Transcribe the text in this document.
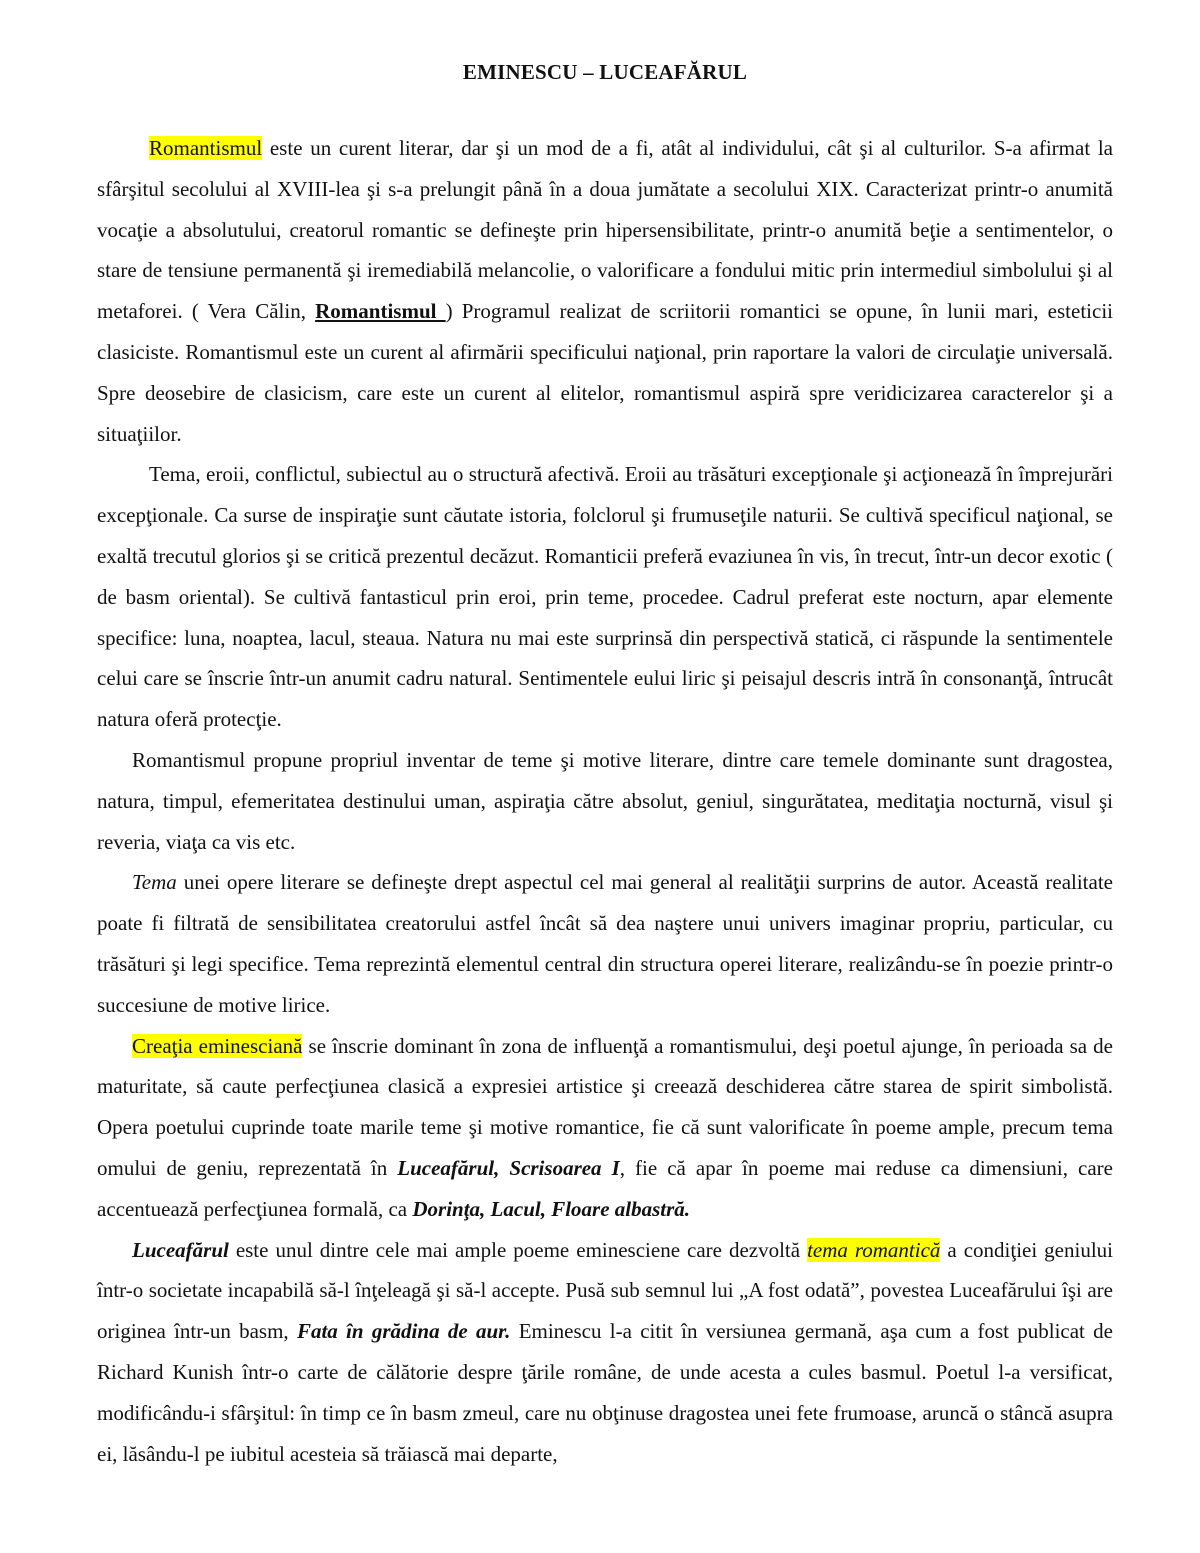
EMINESCU – LUCEAFĂRUL

Romantismul este un curent literar, dar şi un mod de a fi, atât al individului, cât şi al culturilor. S-a afirmat la sfârşitul secolului al XVIII-lea şi s-a prelungit până în a doua jumătate a secolului XIX. Caracterizat printr-o anumită vocaţie a absolutului, creatorul romantic se defineşte prin hipersensibilitate, printr-o anumită beţie a sentimentelor, o stare de tensiune permanentă şi iremediabilă melancolie, o valorificare a fondului mitic prin intermediul simbolului şi al metaforei. ( Vera Călin, Romantismul ) Programul realizat de scriitorii romantici se opune, în lunii mari, esteticii clasiciste. Romantismul este un curent al afirmării specificului naţional, prin raportare la valori de circulaţie universală. Spre deosebire de clasicism, care este un curent al elitelor, romantismul aspiră spre veridicizarea caracterelor şi a situaţiilor.

Tema, eroii, conflictul, subiectul au o structură afectivă. Eroii au trăsături excepţionale şi acţionează în împrejurări excepţionale. Ca surse de inspiraţie sunt căutate istoria, folclorul şi frumuseţile naturii. Se cultivă specificul naţional, se exaltă trecutul glorios şi se critică prezentul decăzut. Romanticii preferă evaziunea în vis, în trecut, într-un decor exotic ( de basm oriental). Se cultivă fantasticul prin eroi, prin teme, procedee. Cadrul preferat este nocturn, apar elemente specifice: luna, noaptea, lacul, steaua. Natura nu mai este surprinsă din perspectivă statică, ci răspunde la sentimentele celui care se înscrie într-un anumit cadru natural. Sentimentele eului liric şi peisajul descris intră în consonanţă, întrucât natura oferă protecţie.

Romantismul propune propriul inventar de teme şi motive literare, dintre care temele dominante sunt dragostea, natura, timpul, efemeritatea destinului uman, aspiraţia către absolut, geniul, singurătatea, meditaţia nocturnă, visul şi reveria, viaţa ca vis etc.

Tema unei opere literare se defineşte drept aspectul cel mai general al realităţii surprins de autor. Această realitate poate fi filtrată de sensibilitatea creatorului astfel încât să dea naştere unui univers imaginar propriu, particular, cu trăsături şi legi specifice. Tema reprezintă elementul central din structura operei literare, realizându-se în poezie printr-o succesiune de motive lirice.

Creaţia eminesciană se înscrie dominant în zona de influenţă a romantismului, deşi poetul ajunge, în perioada sa de maturitate, să caute perfecţiunea clasică a expresiei artistice şi creează deschiderea către starea de spirit simbolistă. Opera poetului cuprinde toate marile teme şi motive romantice, fie că sunt valorificate în poeme ample, precum tema omului de geniu, reprezentată în Luceafărul, Scrisoarea I, fie că apar în poeme mai reduse ca dimensiuni, care accentuează perfecţiunea formală, ca Dorinţa, Lacul, Floare albastră.

Luceafărul este unul dintre cele mai ample poeme eminesciene care dezvoltă tema romantică a condiţiei geniului într-o societate incapabilă să-l înţeleagă şi să-l accepte. Pusă sub semnul lui „A fost odată”, povestea Luceafărului îşi are originea într-un basm, Fata în grădina de aur. Eminescu l-a citit în versiunea germană, aşa cum a fost publicat de Richard Kunish într-o carte de călătorie despre ţările române, de unde acesta a cules basmul. Poetul l-a versificat, modificându-i sfârşitul: în timp ce în basm zmeul, care nu obţinuse dragostea unei fete frumoase, aruncă o stâncă asupra ei, lăsându-l pe iubitul acesteia să trăiască mai departe,
